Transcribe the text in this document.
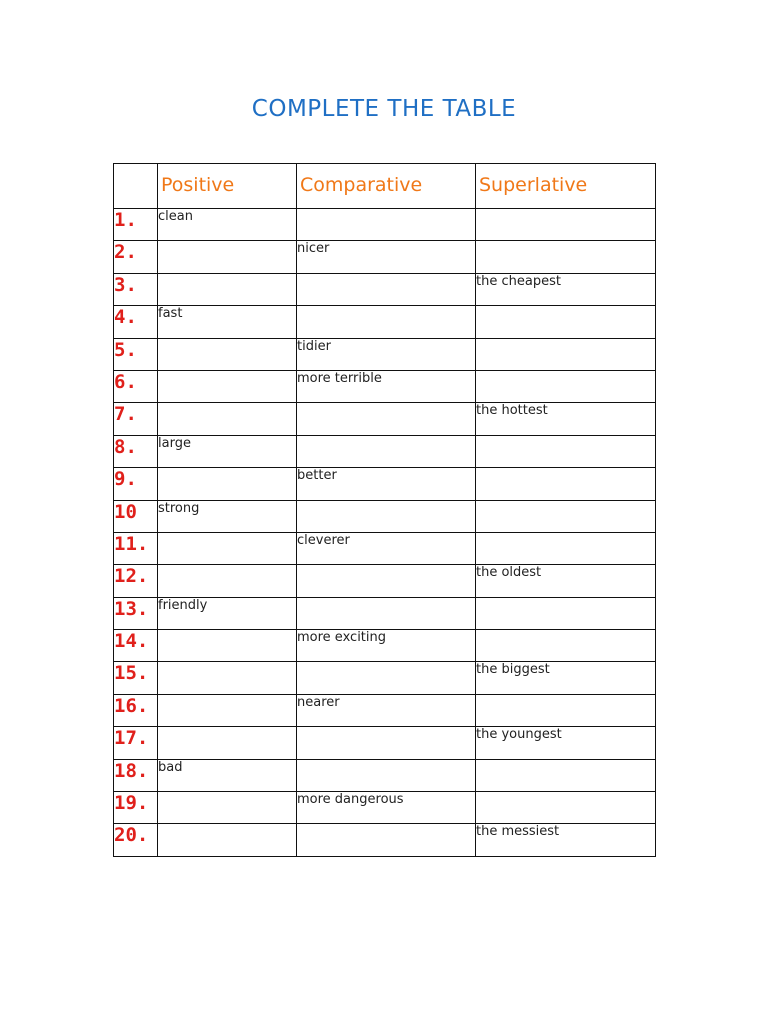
COMPLETE THE TABLE
	Positive	Comparative	Superlative
1.	clean		
2.		nicer	
3.			the cheapest
4.	fast		
5.		tidier	
6.		more terrible	
7.			the hottest
8.	large		
9.		better	
10	strong		
11.		cleverer	
12.			the oldest
13.	friendly		
14.		more exciting	
15.			the biggest
16.		nearer	
17.			the youngest
18.	bad		
19.		more dangerous	
20.			the messiest
